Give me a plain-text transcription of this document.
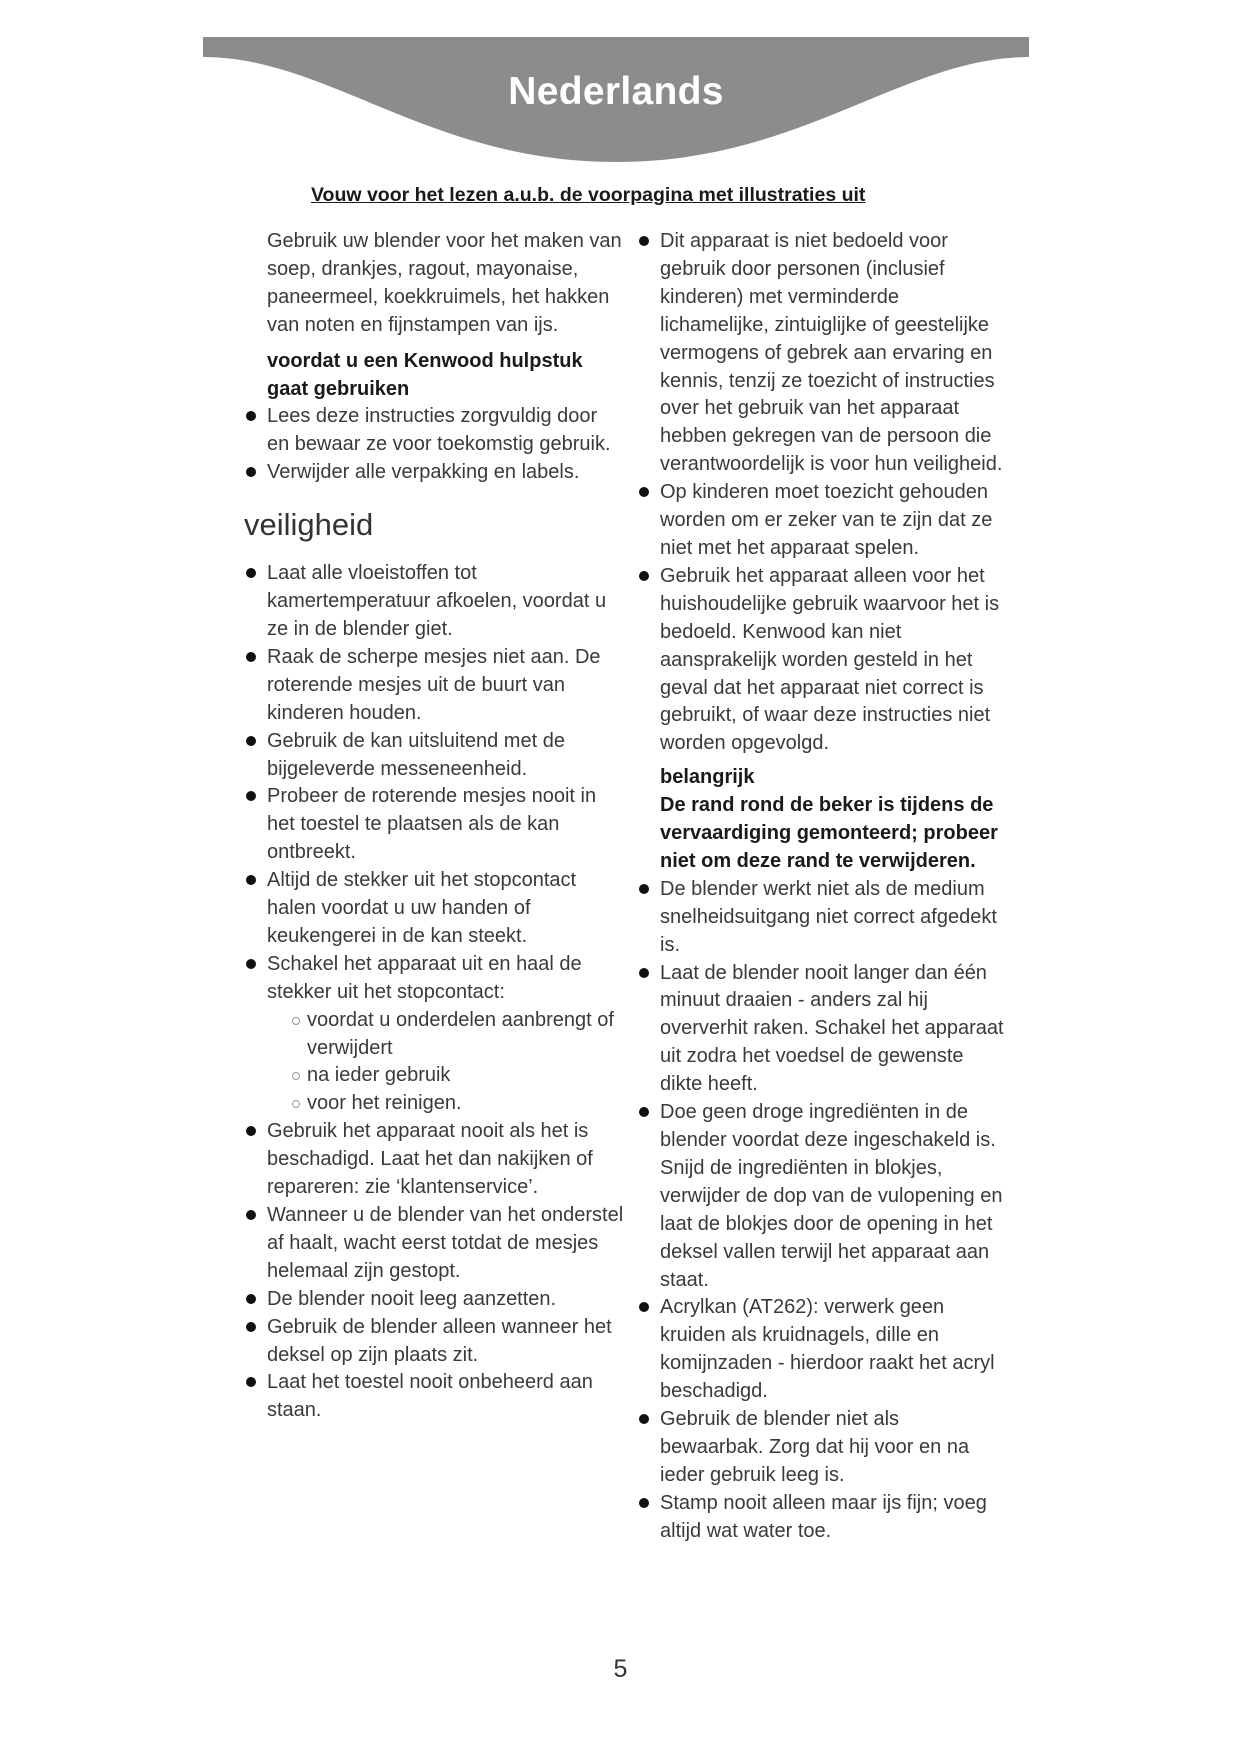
Nederlands
Vouw voor het lezen a.u.b. de voorpagina met illustraties uit

Gebruik uw blender voor het maken van soep, drankjes, ragout, mayonaise, paneermeel, koekkruimels, het hakken van noten en fijnstampen van ijs.

voordat u een Kenwood hulpstuk gaat gebruiken

Lees deze instructies zorgvuldig door en bewaar ze voor toekomstig gebruik.
Verwijder alle verpakking en labels.
veiligheid
Laat alle vloeistoffen tot kamertemperatuur afkoelen, voordat u ze in de blender giet.
Raak de scherpe mesjes niet aan. De roterende mesjes uit de buurt van kinderen houden.
Gebruik de kan uitsluitend met de bijgeleverde messeneenheid.
Probeer de roterende mesjes nooit in het toestel te plaatsen als de kan ontbreekt.
Altijd de stekker uit het stopcontact halen voordat u uw handen of keukengerei in de kan steekt.
Schakel het apparaat uit en haal de stekker uit het stopcontact:
voordat u onderdelen aanbrengt of verwijdert
na ieder gebruik
voor het reinigen.
Gebruik het apparaat nooit als het is beschadigd. Laat het dan nakijken of repareren: zie ‘klantenservice’.
Wanneer u de blender van het onderstel af haalt, wacht eerst totdat de mesjes helemaal zijn gestopt.
De blender nooit leeg aanzetten.
Gebruik de blender alleen wanneer het deksel op zijn plaats zit.
Laat het toestel nooit onbeheerd aan staan.
Dit apparaat is niet bedoeld voor gebruik door personen (inclusief kinderen) met verminderde lichamelijke, zintuiglijke of geestelijke vermogens of gebrek aan ervaring en kennis, tenzij ze toezicht of instructies over het gebruik van het apparaat hebben gekregen van de persoon die verantwoordelijk is voor hun veiligheid.
Op kinderen moet toezicht gehouden worden om er zeker van te zijn dat ze niet met het apparaat spelen.
Gebruik het apparaat alleen voor het huishoudelijke gebruik waarvoor het is bedoeld. Kenwood kan niet aansprakelijk worden gesteld in het geval dat het apparaat niet correct is gebruikt, of waar deze instructies niet worden opgevolgd.

belangrijk

De rand rond de beker is tijdens de vervaardiging gemonteerd; probeer niet om deze rand te verwijderen.

De blender werkt niet als de medium snelheidsuitgang niet correct afgedekt is.
Laat de blender nooit langer dan één minuut draaien - anders zal hij oververhit raken. Schakel het apparaat uit zodra het voedsel de gewenste dikte heeft.
Doe geen droge ingrediënten in de blender voordat deze ingeschakeld is. Snijd de ingrediënten in blokjes, verwijder de dop van de vulopening en laat de blokjes door de opening in het deksel vallen terwijl het apparaat aan staat.
Acrylkan (AT262): verwerk geen kruiden als kruidnagels, dille en komijnzaden - hierdoor raakt het acryl beschadigd.
Gebruik de blender niet als bewaarbak. Zorg dat hij voor en na ieder gebruik leeg is.
Stamp nooit alleen maar ijs fijn; voeg altijd wat water toe.
5
